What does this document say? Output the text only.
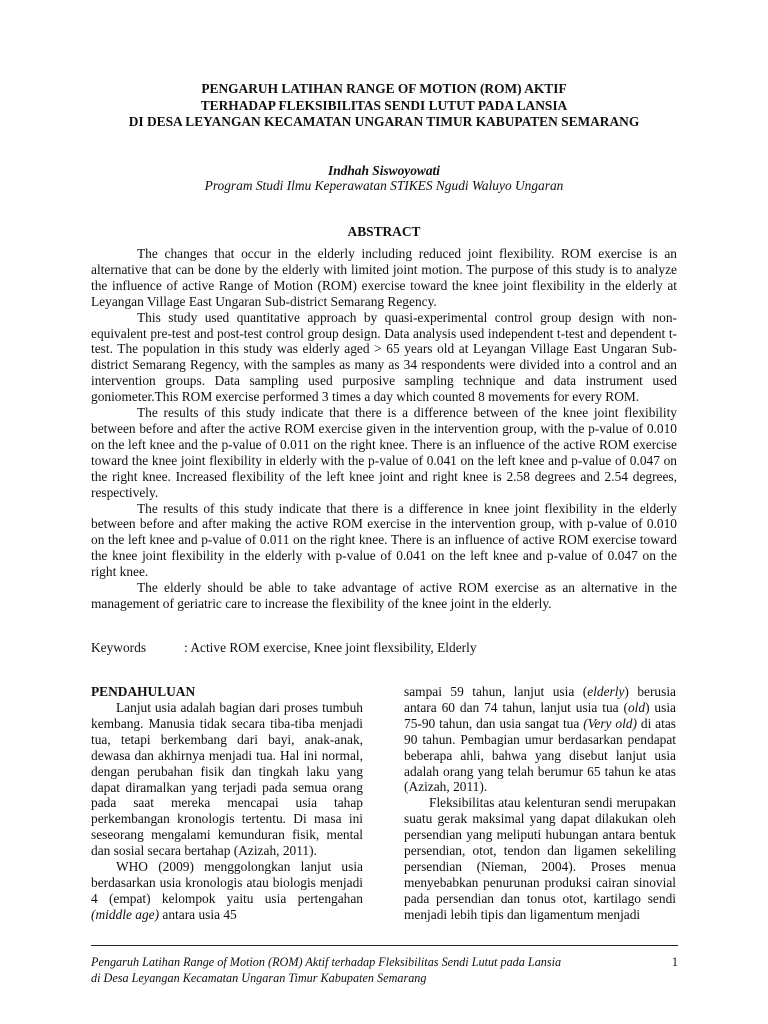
PENGARUH LATIHAN RANGE OF MOTION (ROM) AKTIF
TERHADAP FLEKSIBILITAS SENDI LUTUT PADA LANSIA
DI DESA LEYANGAN KECAMATAN UNGARAN TIMUR KABUPATEN SEMARANG
Indhah Siswoyowati
Program Studi Ilmu Keperawatan STIKES Ngudi Waluyo Ungaran
ABSTRACT

The changes that occur in the elderly including reduced joint flexibility. ROM exercise is an alternative that can be done by the elderly with limited joint motion. The purpose of this study is to analyze the influence of active Range of Motion (ROM) exercise toward the knee joint flexibility in the elderly at Leyangan Village East Ungaran Sub-district Semarang Regency.

This study used quantitative approach by quasi-experimental control group design with non-equivalent pre-test and post-test control group design. Data analysis used independent t-test and dependent t-test. The population in this study was elderly aged > 65 years old at Leyangan Village East Ungaran Sub-district Semarang Regency, with the samples as many as 34 respondents were divided into a control and an intervention groups. Data sampling used purposive sampling technique and data instrument used goniometer.This ROM exercise performed 3 times a day which counted 8 movements for every ROM.

The results of this study indicate that there is a difference between of the knee joint flexibility between before and after the active ROM exercise given in the intervention group, with the p-value of 0.010 on the left knee and the p-value of 0.011 on the right knee. There is an influence of the active ROM exercise toward the knee joint flexibility in elderly with the p-value of 0.041 on the left knee and p-value of 0.047 on the right knee. Increased flexibility of the left knee joint and right knee is 2.58 degrees and 2.54 degrees, respectively.

The results of this study indicate that there is a difference in knee joint flexibility in the elderly between before and after making the active ROM exercise in the intervention group, with p-value of 0.010 on the left knee and p-value of 0.011 on the right knee. There is an influence of active ROM exercise toward the knee joint flexibility in the elderly with p-value of 0.041 on the left knee and p-value of 0.047 on the right knee.

The elderly should be able to take advantage of active ROM exercise as an alternative in the management of geriatric care to increase the flexibility of the knee joint in the elderly.

Keywords	: Active ROM exercise, Knee joint flexsibility, Elderly
PENDAHULUAN

Lanjut usia adalah bagian dari proses tumbuh kembang. Manusia tidak secara tiba-tiba menjadi tua, tetapi berkembang dari bayi, anak-anak, dewasa dan akhirnya menjadi tua. Hal ini normal, dengan perubahan fisik dan tingkah laku yang dapat diramalkan yang terjadi pada semua orang pada saat mereka mencapai usia tahap perkembangan kronologis tertentu. Di masa ini seseorang mengalami kemunduran fisik, mental dan sosial secara bertahap (Azizah, 2011).

WHO (2009) menggolongkan lanjut usia berdasarkan usia kronologis atau biologis menjadi 4 (empat) kelompok yaitu usia pertengahan (middle age) antara usia 45

sampai 59 tahun, lanjut usia (elderly) berusia antara 60 dan 74 tahun, lanjut usia tua (old) usia 75-90 tahun, dan usia sangat tua (Very old) di atas 90 tahun. Pembagian umur berdasarkan pendapat beberapa ahli, bahwa yang disebut lanjut usia adalah orang yang telah berumur 65 tahun ke atas (Azizah, 2011).

Fleksibilitas atau kelenturan sendi merupakan suatu gerak maksimal yang dapat dilakukan oleh persendian yang meliputi hubungan antara bentuk persendian, otot, tendon dan ligamen sekeliling persendian (Nieman, 2004). Proses menua menyebabkan penurunan produksi cairan sinovial pada persendian dan tonus otot, kartilago sendi menjadi lebih tipis dan ligamentum menjadi

Pengaruh Latihan Range of Motion (ROM) Aktif terhadap Fleksibilitas Sendi Lutut pada Lansia
di Desa Leyangan Kecamatan Ungaran Timur Kabupaten Semarang
1
